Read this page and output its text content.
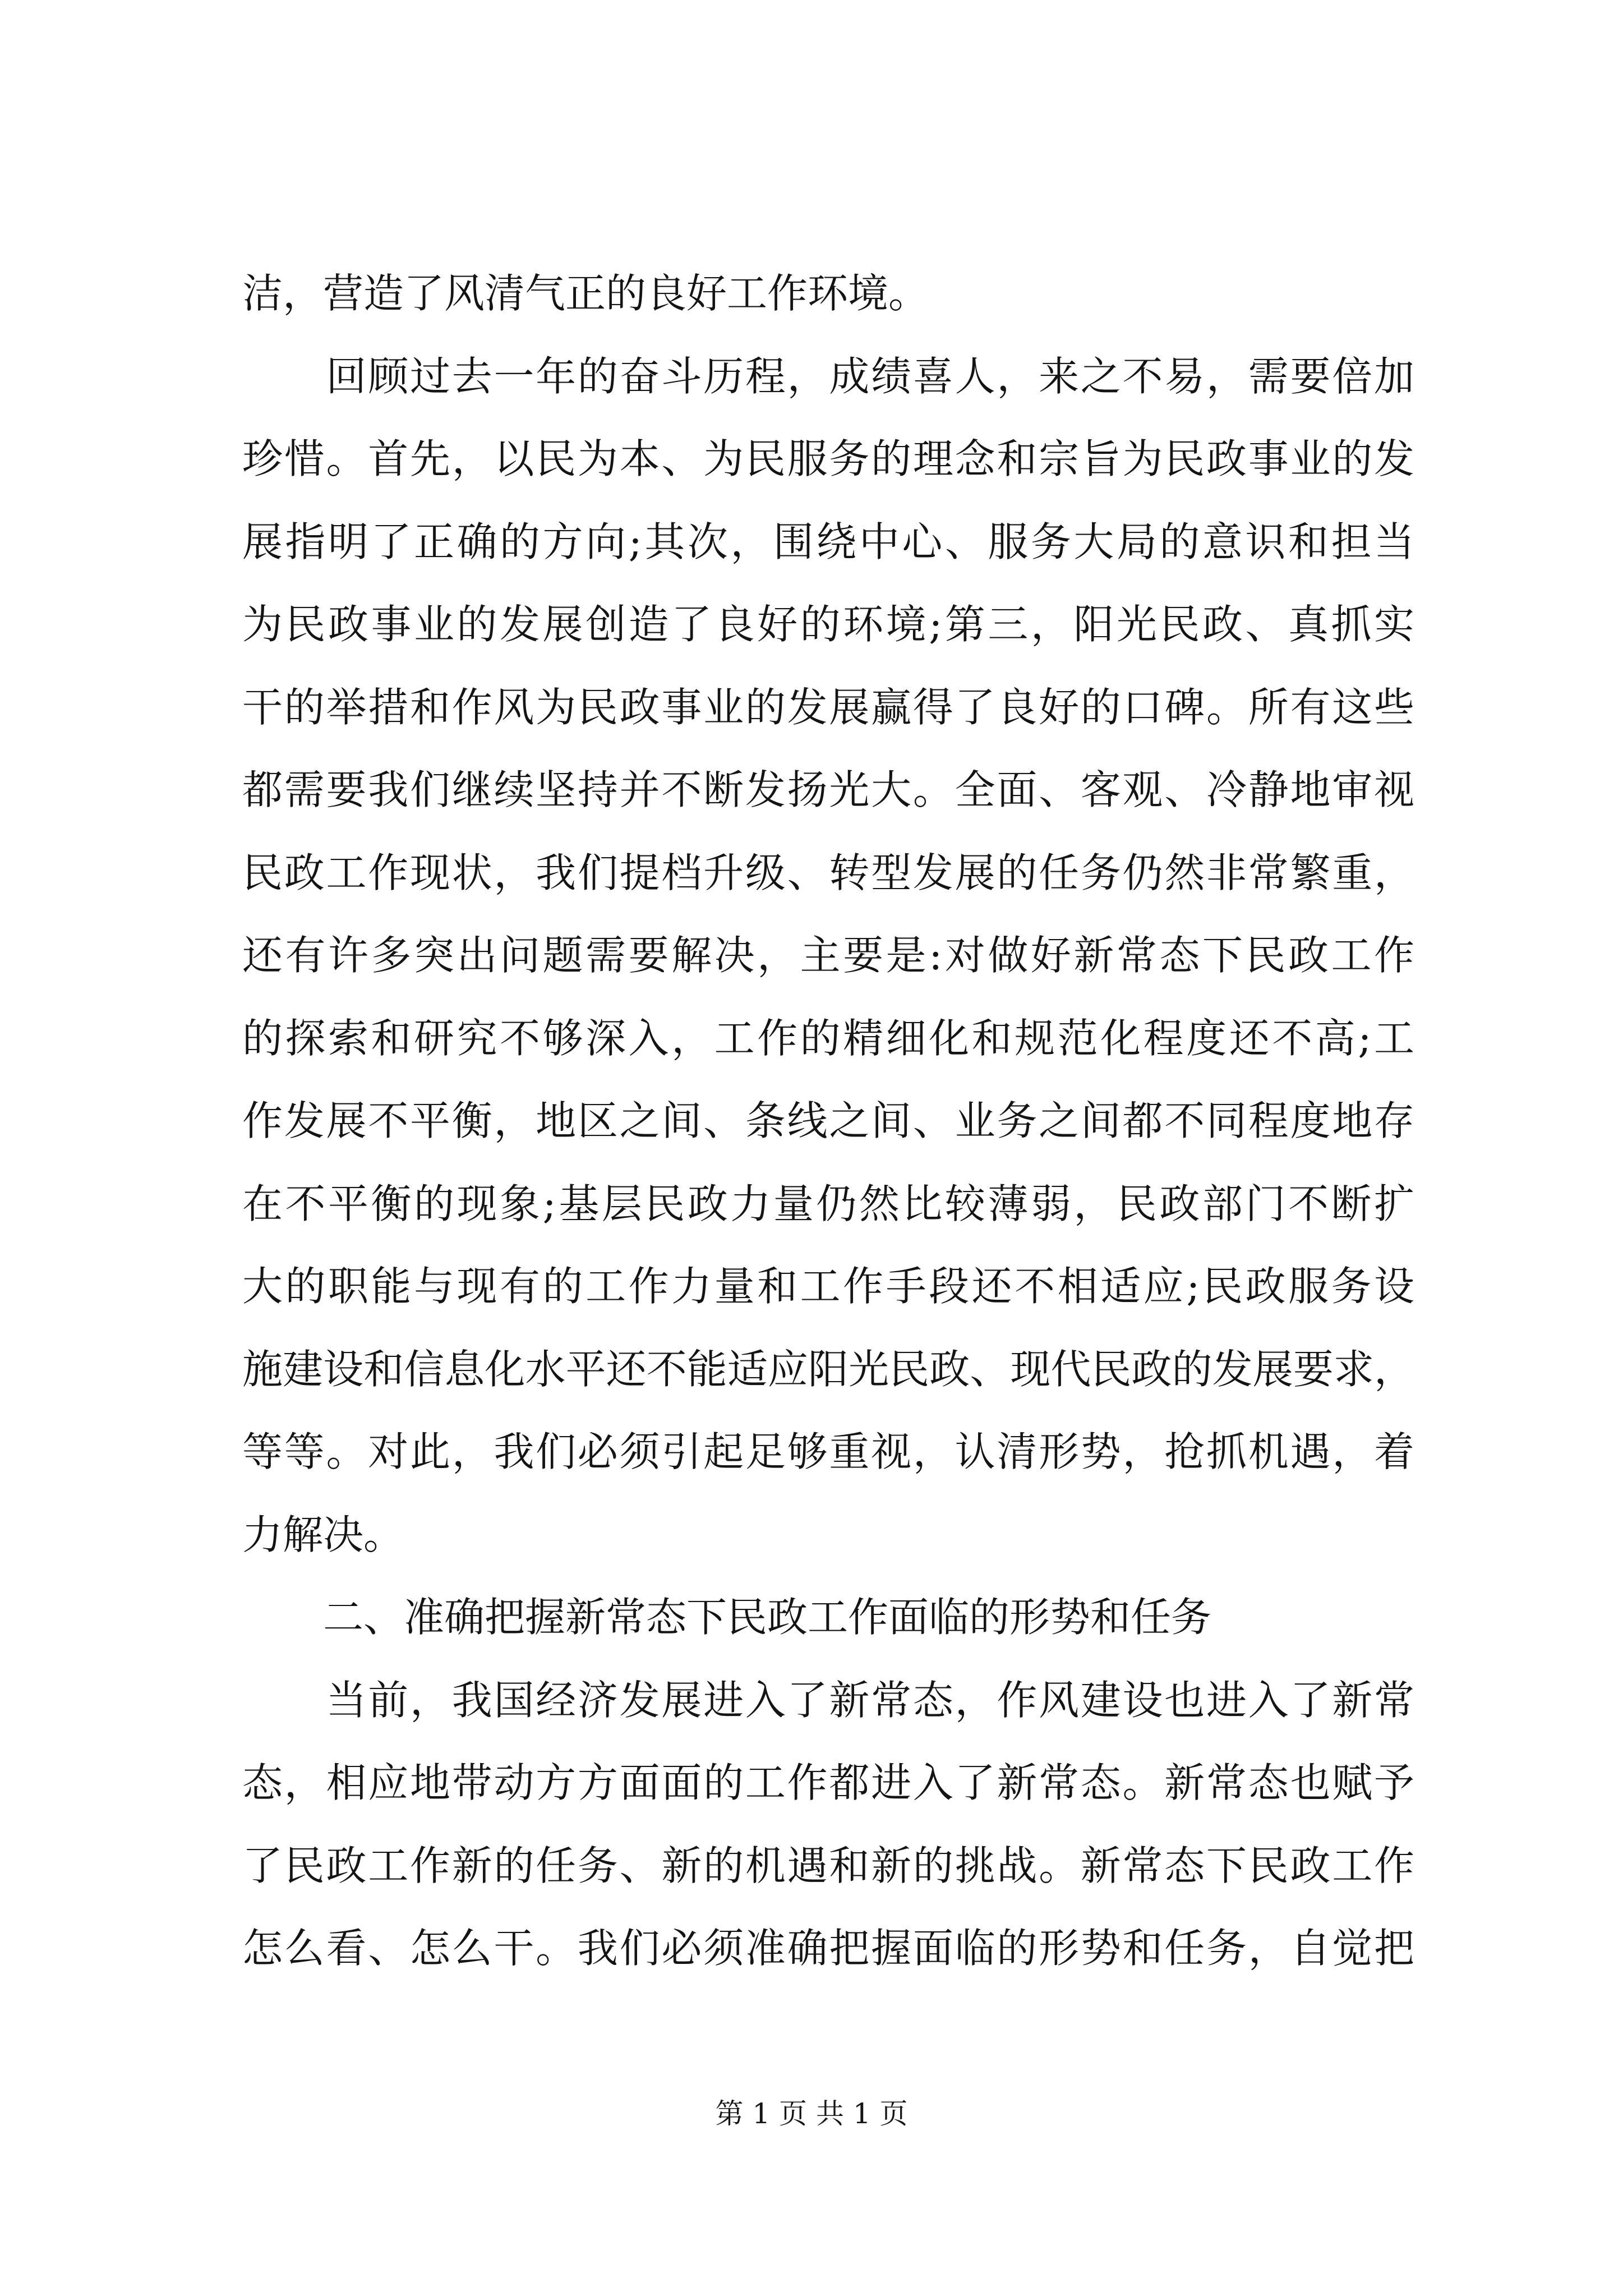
洁，营造了风清气正的良好工作环境。
　　回顾过去一年的奋斗历程，成绩喜人，来之不易，需要倍加
珍惜。首先，以民为本、为民服务的理念和宗旨为民政事业的发
展指明了正确的方向;其次，围绕中心、服务大局的意识和担当
为民政事业的发展创造了良好的环境;第三，阳光民政、真抓实
干的举措和作风为民政事业的发展赢得了良好的口碑。所有这些
都需要我们继续坚持并不断发扬光大。全面、客观、冷静地审视
民政工作现状，我们提档升级、转型发展的任务仍然非常繁重，
还有许多突出问题需要解决，主要是:对做好新常态下民政工作
的探索和研究不够深入，工作的精细化和规范化程度还不高;工
作发展不平衡，地区之间、条线之间、业务之间都不同程度地存
在不平衡的现象;基层民政力量仍然比较薄弱，民政部门不断扩
大的职能与现有的工作力量和工作手段还不相适应;民政服务设
施建设和信息化水平还不能适应阳光民政、现代民政的发展要求，
等等。对此，我们必须引起足够重视，认清形势，抢抓机遇，着
力解决。
　　二、准确把握新常态下民政工作面临的形势和任务
　　当前，我国经济发展进入了新常态，作风建设也进入了新常
态，相应地带动方方面面的工作都进入了新常态。新常态也赋予
了民政工作新的任务、新的机遇和新的挑战。新常态下民政工作
怎么看、怎么干。我们必须准确把握面临的形势和任务，自觉把
第 1 页 共 1 页
